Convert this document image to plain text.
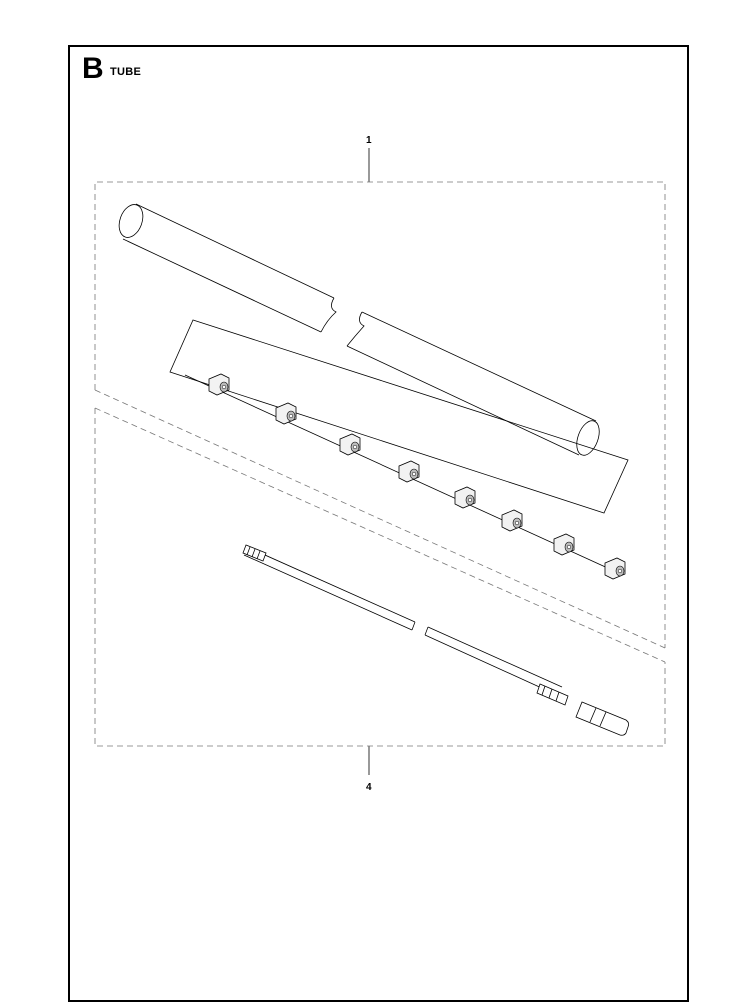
B TUBE
1
4
